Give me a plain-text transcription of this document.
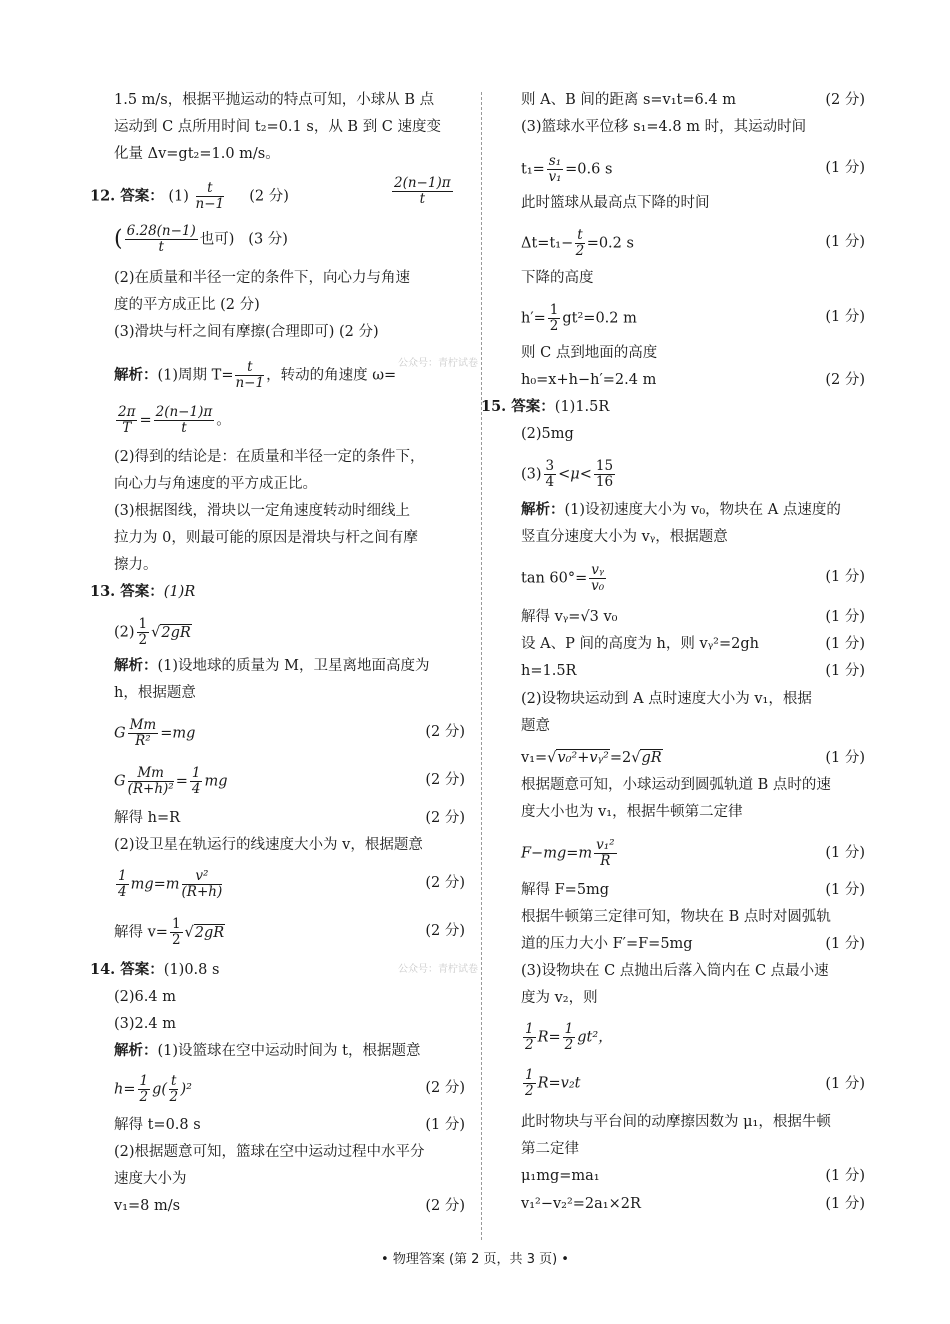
1.5 m/s，根据平抛运动的特点可知，小球从 B 点
运动到 C 点所用时间 t₂=0.1 s，从 B 到 C 速度变
化量 Δv=gt₂=1.0 m/s。
12. 答案： $(1) \frac{t}{n-1} (2$ 分)	$\frac{2(n-1)\pi}{t}$
( $\frac{6.28(n-1)}{t}$ 也可) (3 分)
(2)在质量和半径一定的条件下，向心力与角速
度的平方成正比 (2 分)
(3)滑块与杆之间有摩擦(合理即可) (2 分)
解析：(1)周期 $T= \frac{t}{n-1}$ ，转动的角速度 ω=
$\frac{2\pi}{T} = \frac{2(n-1)\pi}{t}$ 。
(2)得到的结论是：在质量和半径一定的条件下，
向心力与角速度的平方成正比。
(3)根据图线，滑块以一定角速度转动时细线上
拉力为 0，则最可能的原因是滑块与杆之间有摩
擦力。
13. 答案：(1)R
$(2) \frac{1}{2} √2gR$
解析：(1)设地球的质量为 M，卫星离地面高度为
h，根据题意
G $\frac{Mm}{\text{R²}} =mg$	(2 分)
G $\frac{Mm}{\text{(R+h)²}} = \frac{1}{4}$ mg	(2 分)
解得 h=R	(2 分)
(2)设卫星在轨运行的线速度大小为 v，根据题意
$\frac{1}{4} mg=m \frac{\text{v²}}{(R+h)}$	(2 分)
解得 $v= \frac{1}{2} √2gR$	(2 分)
14. 答案：(1)0.8 s
(2)6.4 m
(3)2.4 m
解析：(1)设篮球在空中运动时间为 t，根据题意
$h= \frac{1}{2} g( \frac{t}{2} )^2$	(2 分)
解得 t=0.8 s	(1 分)
(2)根据题意可知，篮球在空中运动过程中水平分
速度大小为
v₁=8 m/s	(2 分)
则 A、B 间的距离 s=v₁t=6.4 m	(2 分)
(3)篮球水平位移 s₁=4.8 m 时，其运动时间
$t_1= \frac{\text{s₁}}{\text{v₁}} =0.6$ s	(1 分)
此时篮球从最高点下降的时间
$\Delta t=t_1- \frac{t}{2} =0.2$ s	(1 分)
下降的高度
$h'= \frac{1}{2} gt^2=0.2$ m	(1 分)
则 C 点到地面的高度
h₀=x+h−h′=2.4 m	(2 分)
15. 答案：(1)1.5R
(2)5mg
$(3) \frac{3}{4} <\mu< \frac{15}{16}$
解析：(1)设初速度大小为 v₀，物块在 A 点速度的
竖直分速度大小为 vᵧ，根据题意
$\tan 60^\circ= \frac{\text{vᵧ}}{\text{v₀}}$	(1 分)
解得 vᵧ=√3 v₀	(1 分)
设 A、P 间的高度为 h，则 vᵧ²=2gh	(1 分)
h=1.5R	(1 分)
(2)设物块运动到 A 点时速度大小为 v₁，根据
题意
v₁=√v₀²+vᵧ²=2√gR	(1 分)
根据题意可知，小球运动到圆弧轨道 B 点时的速
度大小也为 v₁，根据牛顿第二定律
$F-mg=m \frac{\text{v₁²}}{R}$	(1 分)
解得 F=5mg	(1 分)
根据牛顿第三定律可知，物块在 B 点时对圆弧轨
道的压力大小 F′=F=5mg	(1 分)
(3)设物块在 C 点抛出后落入筒内在 C 点最小速
度为 v₂，则
$\frac{1}{2} R= \frac{1}{2} gt^2$，
$\frac{1}{2} R=v_2t$	(1 分)
此时物块与平台间的动摩擦因数为 μ₁，根据牛顿
第二定律
μ₁mg=ma₁	(1 分)
v₁²−v₂²=2a₁×2R	(1 分)
公众号：青柠试卷
公众号：青柠试卷
• 物理答案 (第 2 页，共 3 页) •
